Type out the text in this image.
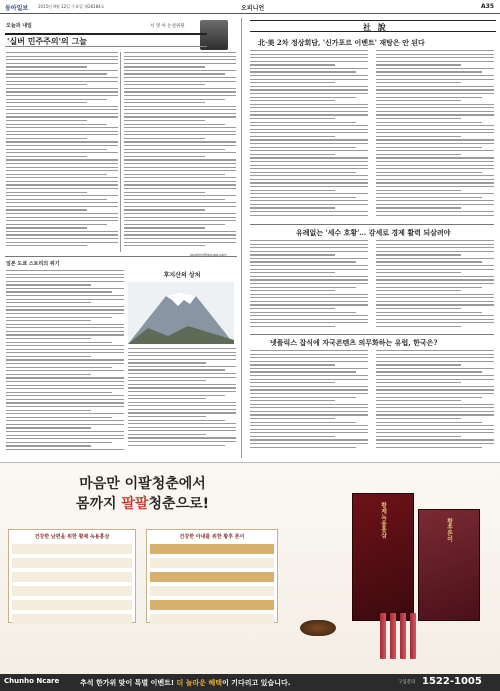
동아일보 2015년 9월 12일 수요일 제28184호	오피니언	A35
오늘과 내일	서 영 아 논설위원
'실버 민주주의'의 그늘
일본 도쿄 스토리의 위기
후지산의 상처
joyellim@donga.com
社 說
北·美 2차 정상회담, '신가포르 이벤트' 재탕은 안 된다
유례없는 '세수 호황'… 감세로 경제 활력 되살려야
넷플릭스 잡식에 자국콘텐츠 의무화하는 유럽, 한국은?
마음만 이팔청춘에서
몸까지 팔팔청춘으로!
건강한 남편을 위한 황제 녹용홍삼	건강한 아내를 위한 황후 톤이	황제녹용홍삼	황후톤이
Chunho Ncare	추석 한가위 맞이 특별 이벤트! 더 놀라운 혜택이 기다리고 있습니다.	구입문의 1522-1005
